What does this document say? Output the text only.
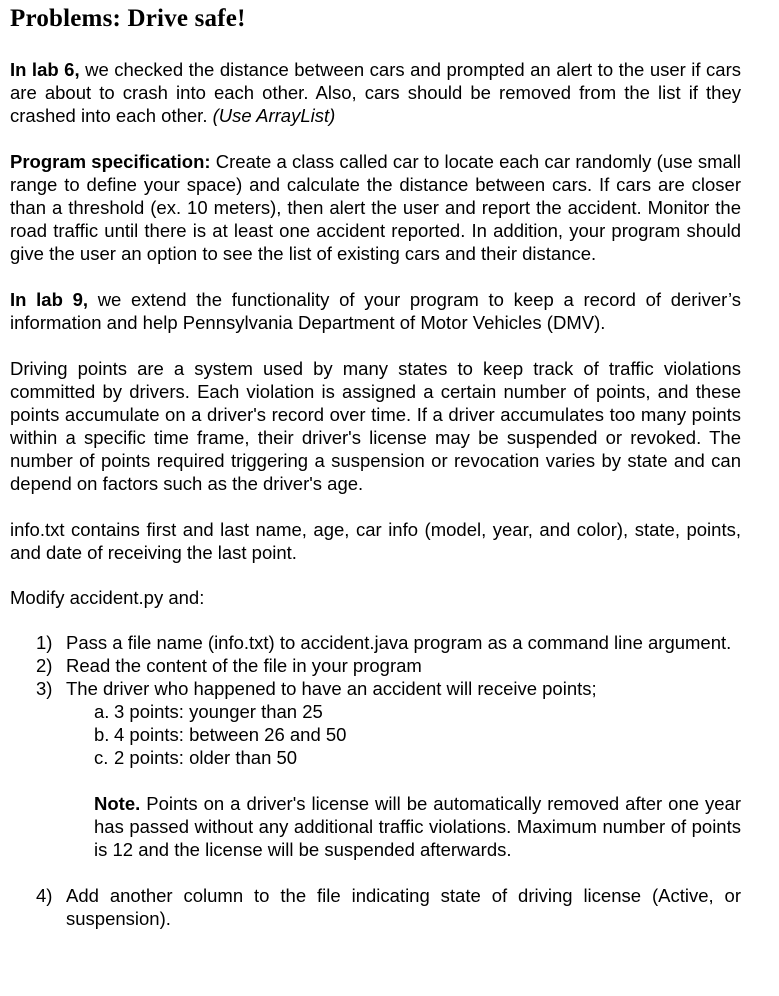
Problems: Drive safe!

In lab 6, we checked the distance between cars and prompted an alert to the user if cars are about to crash into each other. Also, cars should be removed from the list if they crashed into each other. (Use ArrayList)

Program specification: Create a class called car to locate each car randomly (use small range to define your space) and calculate the distance between cars. If cars are closer than a threshold (ex. 10 meters), then alert the user and report the accident. Monitor the road traffic until there is at least one accident reported. In addition, your program should give the user an option to see the list of existing cars and their distance.

In lab 9, we extend the functionality of your program to keep a record of deriver’s information and help Pennsylvania Department of Motor Vehicles (DMV).

Driving points are a system used by many states to keep track of traffic violations committed by drivers. Each violation is assigned a certain number of points, and these points accumulate on a driver's record over time. If a driver accumulates too many points within a specific time frame, their driver's license may be suspended or revoked. The number of points required triggering a suspension or revocation varies by state and can depend on factors such as the driver's age.

info.txt contains first and last name, age, car info (model, year, and color), state, points, and date of receiving the last point.

Modify accident.py and:

1) Pass a file name (info.txt) to accident.java program as a command line argument.
2) Read the content of the file in your program
3) The driver who happened to have an accident will receive points;
a. 3 points: younger than 25
b. 4 points: between 26 and 50
c. 2 points: older than 50

Note. Points on a driver's license will be automatically removed after one year has passed without any additional traffic violations. Maximum number of points is 12 and the license will be suspended afterwards.

4) Add another column to the file indicating state of driving license (Active, or suspension).
